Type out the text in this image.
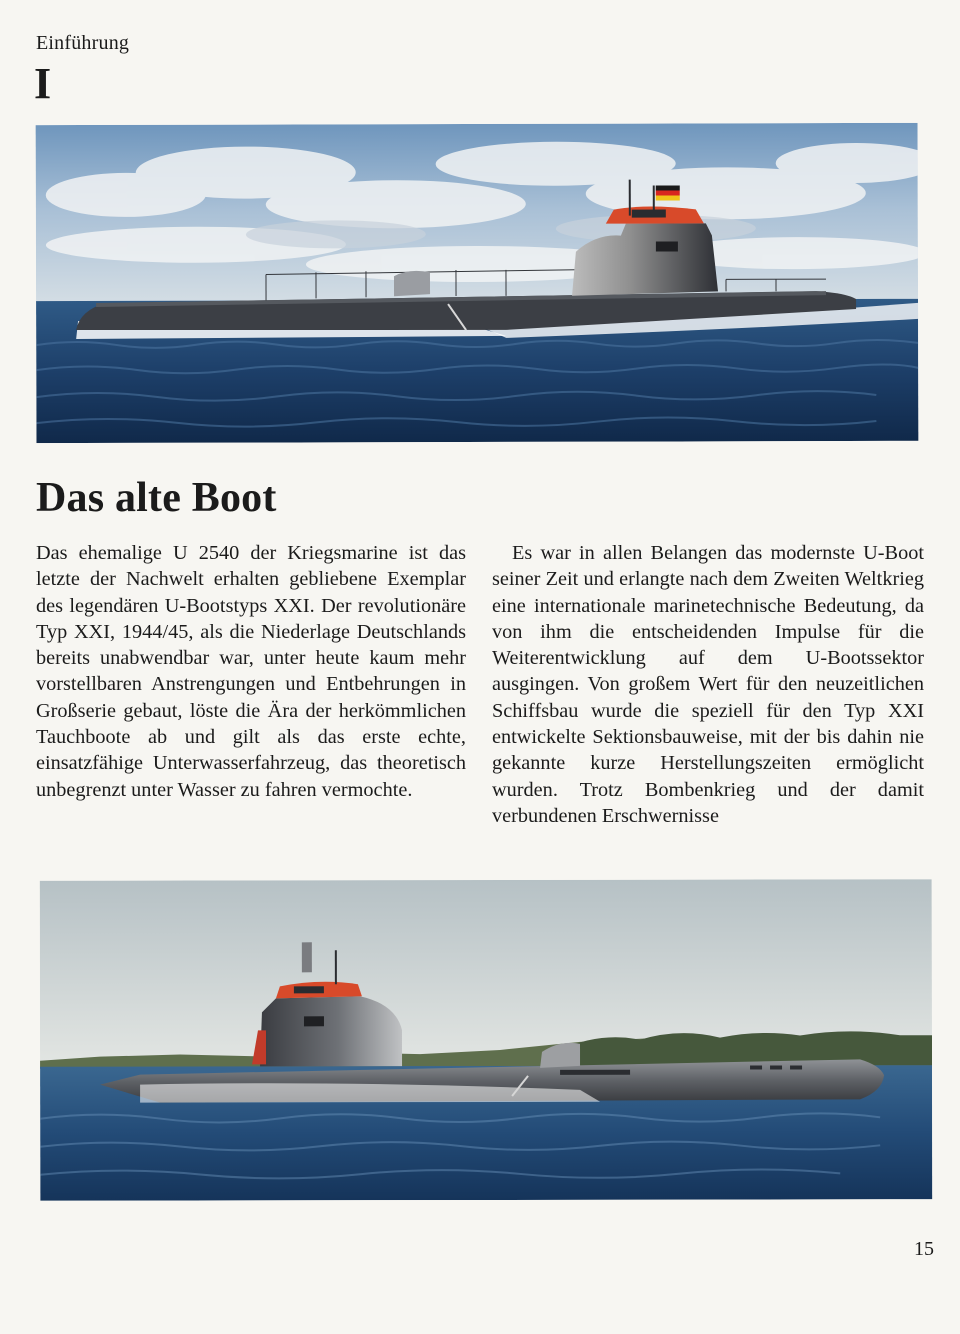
Einführung
I
Das alte Boot
Das ehemalige U 2540 der Kriegsmarine ist das letzte der Nachwelt erhalten gebliebene Exemplar des legendären U-Bootstyps XXI. Der revolutionäre Typ XXI, 1944/45, als die Niederlage Deutschlands bereits unabwendbar war, unter heute kaum mehr vorstellbaren Anstrengungen und Entbehrungen in Großserie gebaut, löste die Ära der herkömmlichen Tauchboote ab und gilt als das erste echte, einsatzfähige Unterwasserfahrzeug, das theoretisch unbegrenzt unter Wasser zu fahren vermochte.
Es war in allen Belangen das modernste U-Boot seiner Zeit und erlangte nach dem Zweiten Weltkrieg eine internationale marinetechnische Bedeutung, da von ihm die entscheidenden Impulse für die Weiterentwicklung auf dem U-Bootssektor ausgingen. Von großem Wert für den neuzeitlichen Schiffsbau wurde die speziell für den Typ XXI entwickelte Sektionsbauweise, mit der bis dahin nie gekannte kurze Herstellungszeiten ermöglicht wurden. Trotz Bombenkrieg und der damit verbundenen Erschwernisse
15
